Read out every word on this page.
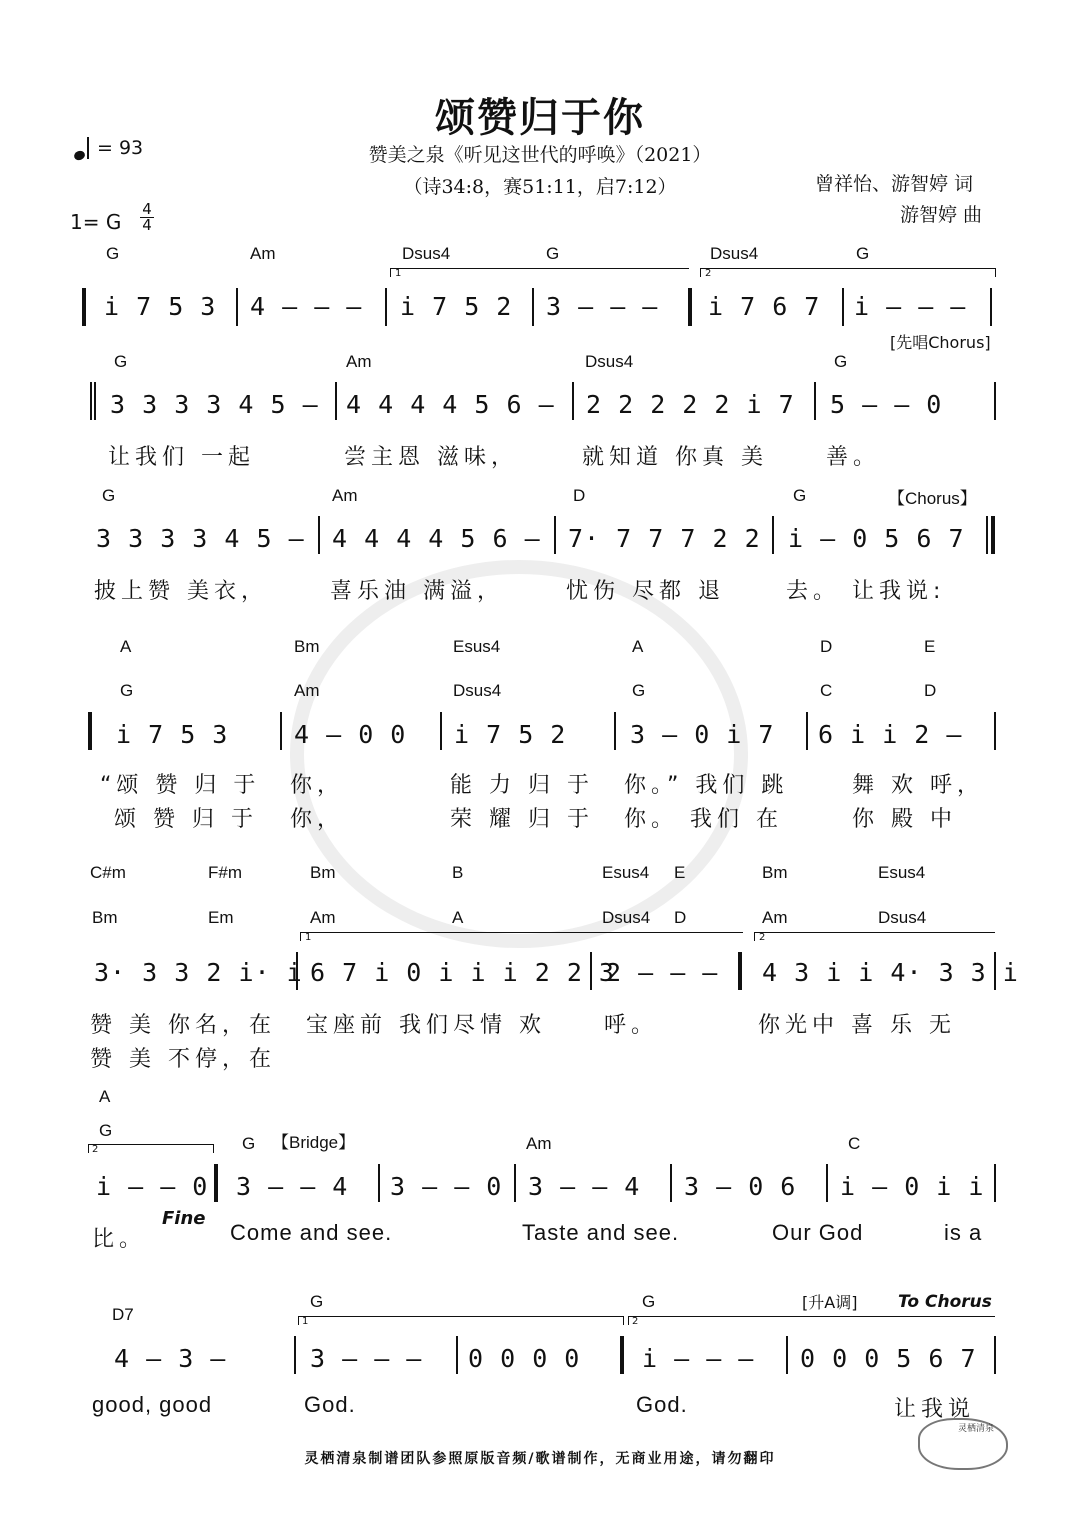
颂赞归于你
赞美之泉《听见这世代的呼唤》（2021）
（诗34:8，赛51:11，启7:12）	曾祥怡、游智婷 词
游智婷 曲
= 93
1= G
4
4
G	Am	Dsus4	G	Dsus4	G
1	2
i 7 5 3 4 – – – i 7 5 2 3 – – – i 7 6 7 i – – –
[先唱Chorus]
G	Am	Dsus4	G
3 3 3 3 4 5 – 4 4 4 4 5 6 – 2 2 2 2 2 i 7 5 – – 0
让我们 一起	尝主恩 滋味，	就知道 你真 美	善。
G	Am	D	G	【Chorus】
3 3 3 3 4 5 – 4 4 4 4 5 6 – 7· 7 7 7 2 2 i – 0 5 6 7
披上赞 美衣，	喜乐油 满溢，	忧伤 尽都 退	去。 让我说:
A	Bm	Esus4	A	D	E
G	Am	Dsus4	G	C	D
i 7 5 3	4 – 0 0 i 7 5 2	3 – 0 i 7 6 i i 2 –
“颂 赞 归 于 你，	能 力 归 于 你。” 我们 跳	舞 欢 呼，
颂 赞 归 于 你，	荣 耀 归 于 你。 我们 在	你 殿 中
C#m	F#m	Bm	B	Esus4 E	Bm	Esus4
Bm	Em	Am	A	Dsus4 D	Am	Dsus4
1	2
3· 3 3 2 i· i 6 7 i 0 i i i 2 2 3
2 – – – 4 3 i i 4· 3 3 i
赞 美 你名，在 宝座前 我们尽情 欢	呼。	你光中 喜 乐 无
赞 美 不停，在
A
G
2	G 【Bridge】	Am	C
i – – 0 3 – – 4 3 – – 0 3 – – 4 3 – 0 6 i – 0 i i
比。
Fine
Come and see.	Taste and see.	Our God	is a
D7
G	G	[升A调] To Chorus
1	2
4 – 3 –	3 – – – 0 0 0 0 i – – – 0 0 0 5 6 7
good, good	God.	God.	让我说
灵栖清泉
灵栖清泉制谱团队参照原版音频/歌谱制作，无商业用途，请勿翻印
